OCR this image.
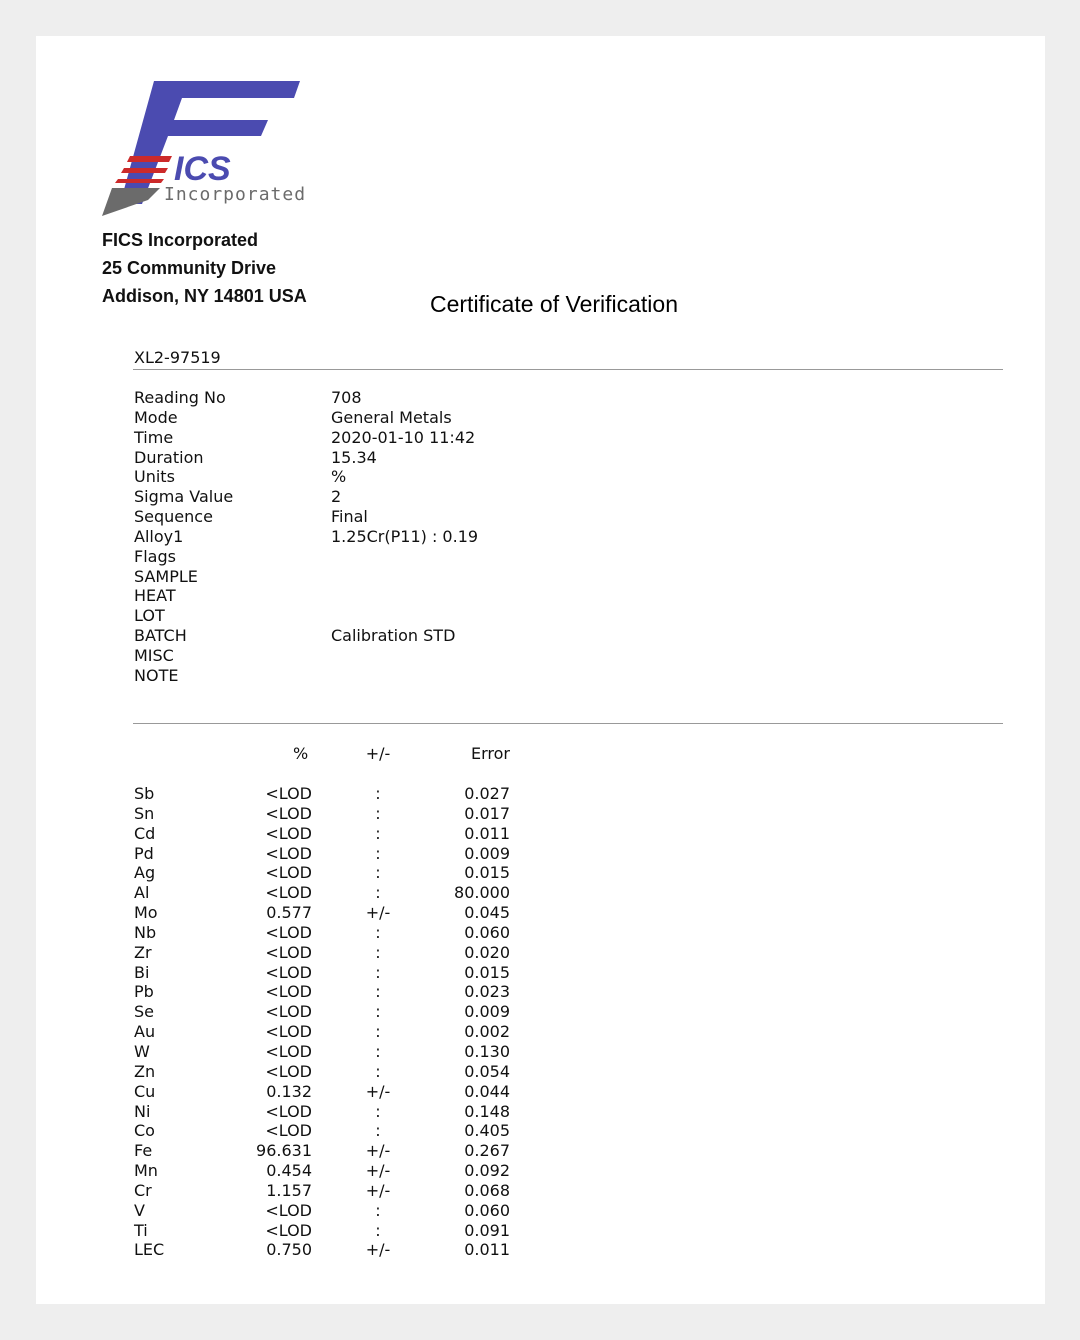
ICS
Incorporated
FICS Incorporated
25 Community Drive
Addison, NY 14801 USA	Certificate of Verification
XL2-97519
Reading No	708
Mode	General Metals
Time	2020-01-10 11:42
Duration	15.34
Units	%
Sigma Value	2
Sequence	Final
Alloy1	1.25Cr(P11) : 0.19
Flags
SAMPLE
HEAT
LOT
BATCH	Calibration STD
MISC
NOTE
%	+/-	Error
Sb	<LOD	:	0.027
Sn	<LOD	:	0.017
Cd	<LOD	:	0.011
Pd	<LOD	:	0.009
Ag	<LOD	:	0.015
Al	<LOD	:	80.000
Mo	0.577	+/-	0.045
Nb	<LOD	:	0.060
Zr	<LOD	:	0.020
Bi	<LOD	:	0.015
Pb	<LOD	:	0.023
Se	<LOD	:	0.009
Au	<LOD	:	0.002
W	<LOD	:	0.130
Zn	<LOD	:	0.054
Cu	0.132	+/-	0.044
Ni	<LOD	:	0.148
Co	<LOD	:	0.405
Fe	96.631	+/-	0.267
Mn	0.454	+/-	0.092
Cr	1.157	+/-	0.068
V	<LOD	:	0.060
Ti	<LOD	:	0.091
LEC	0.750	+/-	0.011
